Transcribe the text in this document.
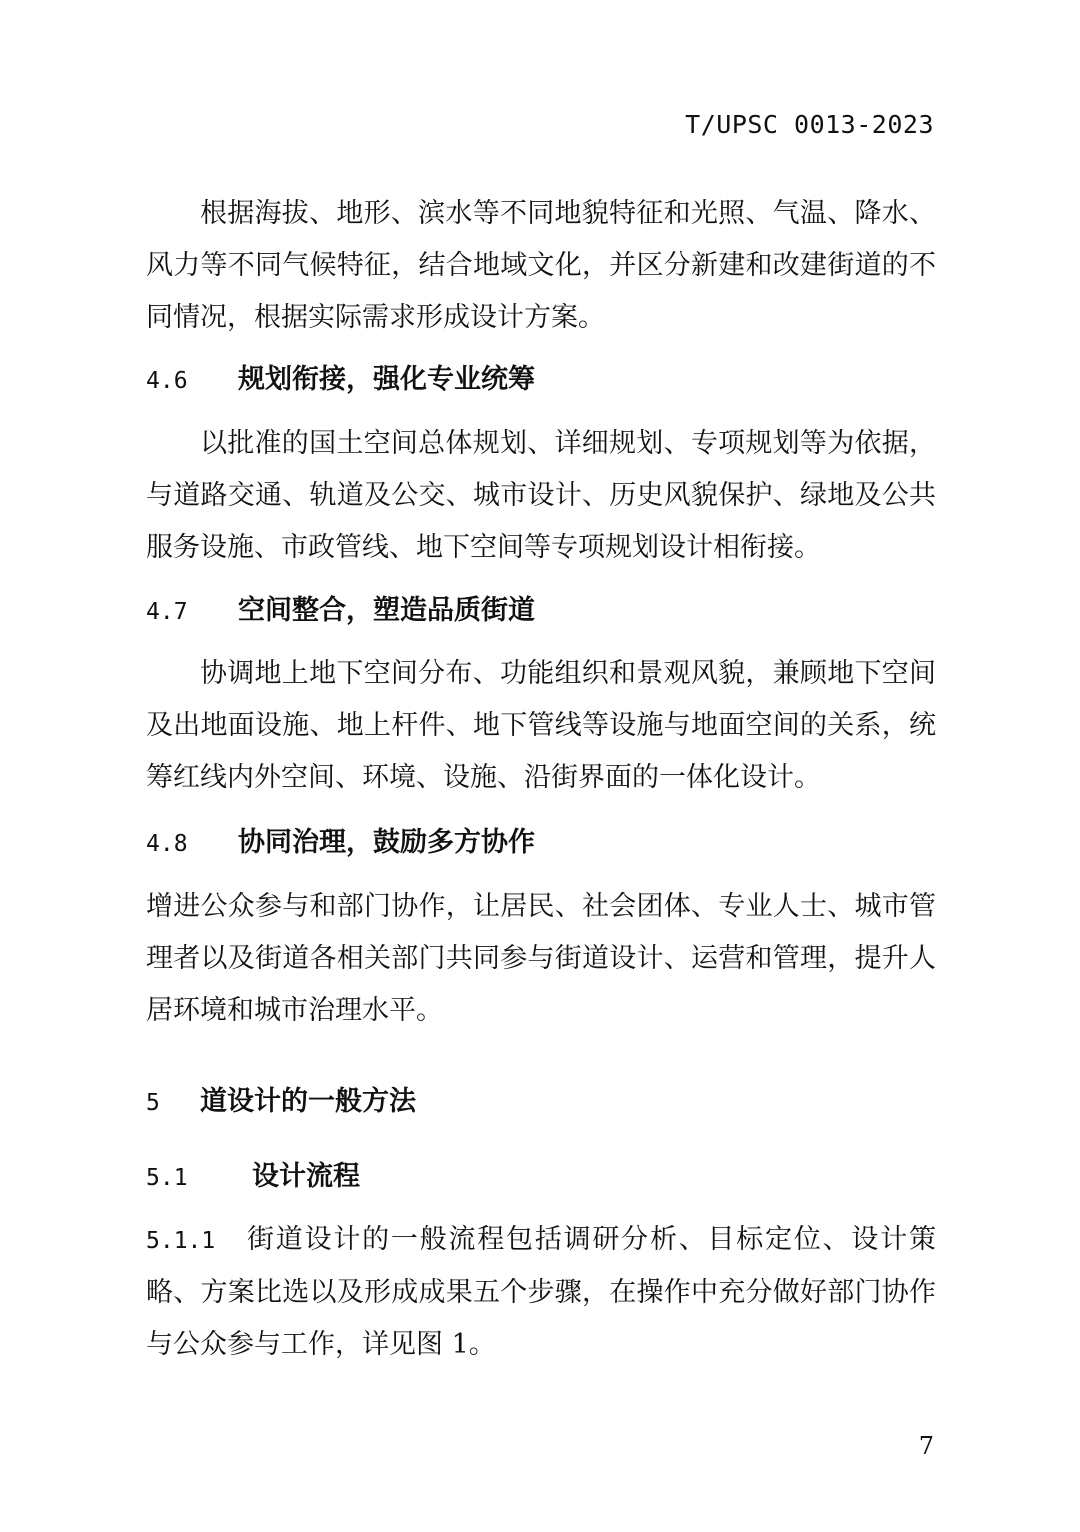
T/UPSC 0013-2023

根据海拔、地形、滨水等不同地貌特征和光照、气温、降水、风力等不同气候特征，结合地域文化，并区分新建和改建街道的不同情况，根据实际需求形成设计方案。

4.6 规划衔接，强化专业统筹

以批准的国土空间总体规划、详细规划、专项规划等为依据，与道路交通、轨道及公交、城市设计、历史风貌保护、绿地及公共服务设施、市政管线、地下空间等专项规划设计相衔接。

4.7 空间整合，塑造品质街道

协调地上地下空间分布、功能组织和景观风貌，兼顾地下空间及出地面设施、地上杆件、地下管线等设施与地面空间的关系，统筹红线内外空间、环境、设施、沿街界面的一体化设计。

4.8 协同治理，鼓励多方协作

增进公众参与和部门协作，让居民、社会团体、专业人士、城市管理者以及街道各相关部门共同参与街道设计、运营和管理，提升人居环境和城市治理水平。

5 道设计的一般方法
5.1 设计流程

5.1.1 街道设计的一般流程包括调研分析、目标定位、设计策略、方案比选以及形成成果五个步骤，在操作中充分做好部门协作与公众参与工作，详见图 1。

7
